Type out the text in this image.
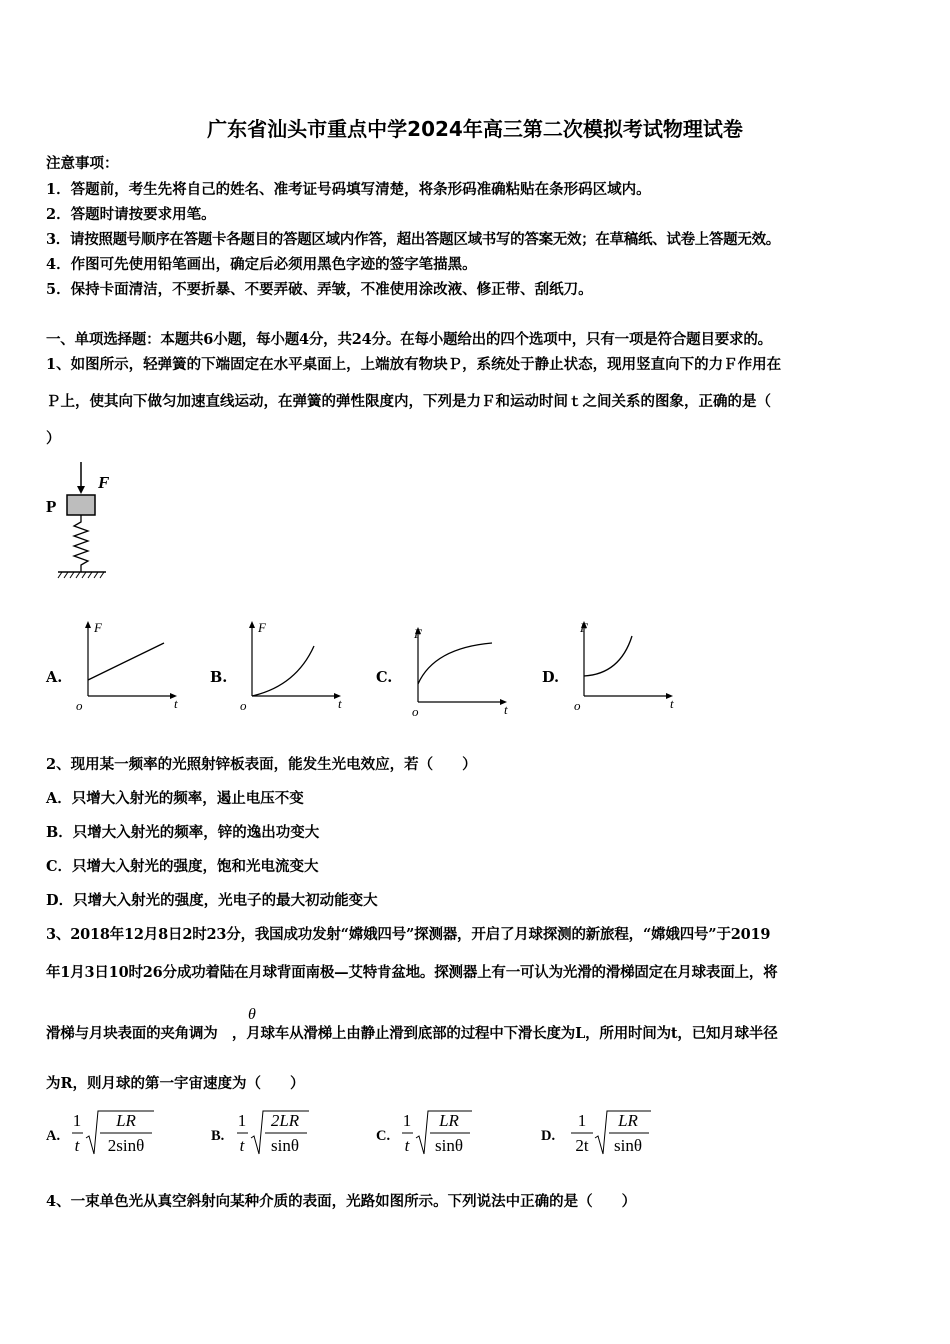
广东省汕头市重点中学2024年高三第二次模拟考试物理试卷
注意事项：
1．答题前，考生先将自己的姓名、准考证号码填写清楚，将条形码准确粘贴在条形码区域内。
2．答题时请按要求用笔。
3．请按照题号顺序在答题卡各题目的答题区域内作答，超出答题区域书写的答案无效；在草稿纸、试卷上答题无效。
4．作图可先使用铅笔画出，确定后必须用黑色字迹的签字笔描黑。
5．保持卡面清洁，不要折暴、不要弄破、弄皱，不准使用涂改液、修正带、刮纸刀。
一、单项选择题：本题共6小题，每小题4分，共24分。在每小题给出的四个选项中，只有一项是符合题目要求的。
1、如图所示，轻弹簧的下端固定在水平桌面上，上端放有物块Ｐ，系统处于静止状态，现用竖直向下的力Ｆ作用在
Ｐ上，使其向下做匀加速直线运动，在弹簧的弹性限度内，下列是力Ｆ和运动时间ｔ之间关系的图象，正确的是（
）
F
P
A.
F
t
o
B.
F
t
o
C.
F
t
o
D.
F
t
o
2、现用某一频率的光照射锌板表面，能发生光电效应，若（　　）
A．只增大入射光的频率，遏止电压不变
B．只增大入射光的频率，锌的逸出功变大
C．只增大入射光的强度，饱和光电流变大
D．只增大入射光的强度，光电子的最大初动能变大
3、2018年12月8日2时23分，我国成功发射“嫦娥四号”探测器，开启了月球探测的新旅程，“嫦娥四号”于2019
年1月3日10时26分成功着陆在月球背面南极—艾特肯盆地。探测器上有一可认为光滑的滑梯固定在月球表面上，将
θ
滑梯与月块表面的夹角调为　，月球车从滑梯上由静止滑到底部的过程中下滑长度为L，所用时间为t，已知月球半径
为R，则月球的第一宇宙速度为（　　）
A.
1
t
LR
2sinθ	B.
1
t
2LR
sinθ	C.
1
t
LR
sinθ	D.
1
2t
LR
sinθ
4、一束单色光从真空斜射向某种介质的表面，光路如图所示。下列说法中正确的是（　　）
